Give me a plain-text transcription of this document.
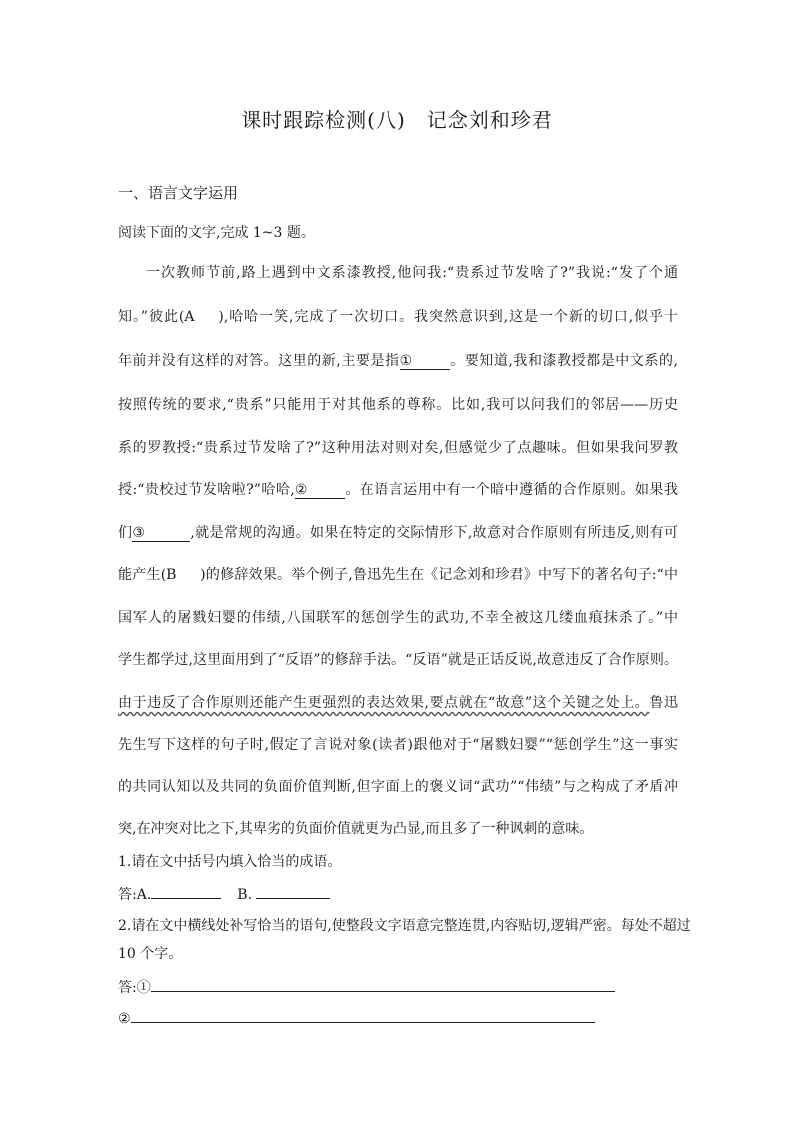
课时跟踪检测(八)　记念刘和珍君
一、语言文字运用
阅读下面的文字,完成 1~3 题。
一次教师节前,路上遇到中文系漆教授,他问我:“贵系过节发啥了?”我说:“发了个通
知。”彼此(A ),哈哈一笑,完成了一次切口。我突然意识到,这是一个新的切口,似乎十
年前并没有这样的对答。这里的新,主要是指①	。要知道,我和漆教授都是中文系的,
按照传统的要求,“贵系”只能用于对其他系的尊称。比如,我可以问我们的邻居——历史
系的罗教授:“贵系过节发啥了?”这种用法对则对矣,但感觉少了点趣味。但如果我问罗教
授:“贵校过节发啥啦?”哈哈,②	。在语言运用中有一个暗中遵循的合作原则。如果我
们③	,就是常规的沟通。如果在特定的交际情形下,故意对合作原则有所违反,则有可
能产生(B )的修辞效果。举个例子,鲁迅先生在《记念刘和珍君》中写下的著名句子:“中
国军人的屠戮妇婴的伟绩,八国联军的惩创学生的武功,不幸全被这几缕血痕抹杀了。”中
学生都学过,这里面用到了“反语”的修辞手法。“反语”就是正话反说,故意违反了合作原则。
由于违反了合作原则还能产生更强烈的表达效果,要点就在“故意”这个关键之处上。鲁迅
先生写下这样的句子时,假定了言说对象(读者)跟他对于“屠戮妇婴”“惩创学生”这一事实
的共同认知以及共同的负面价值判断,但字面上的褒义词“武功”“伟绩”与之构成了矛盾冲
突,在冲突对比之下,其卑劣的负面价值就更为凸显,而且多了一种讽刺的意味。
1.请在文中括号内填入恰当的成语。
答:A.	B.
2.请在文中横线处补写恰当的语句,使整段文字语意完整连贯,内容贴切,逻辑严密。每处不超过
10 个字。
答:①
②
